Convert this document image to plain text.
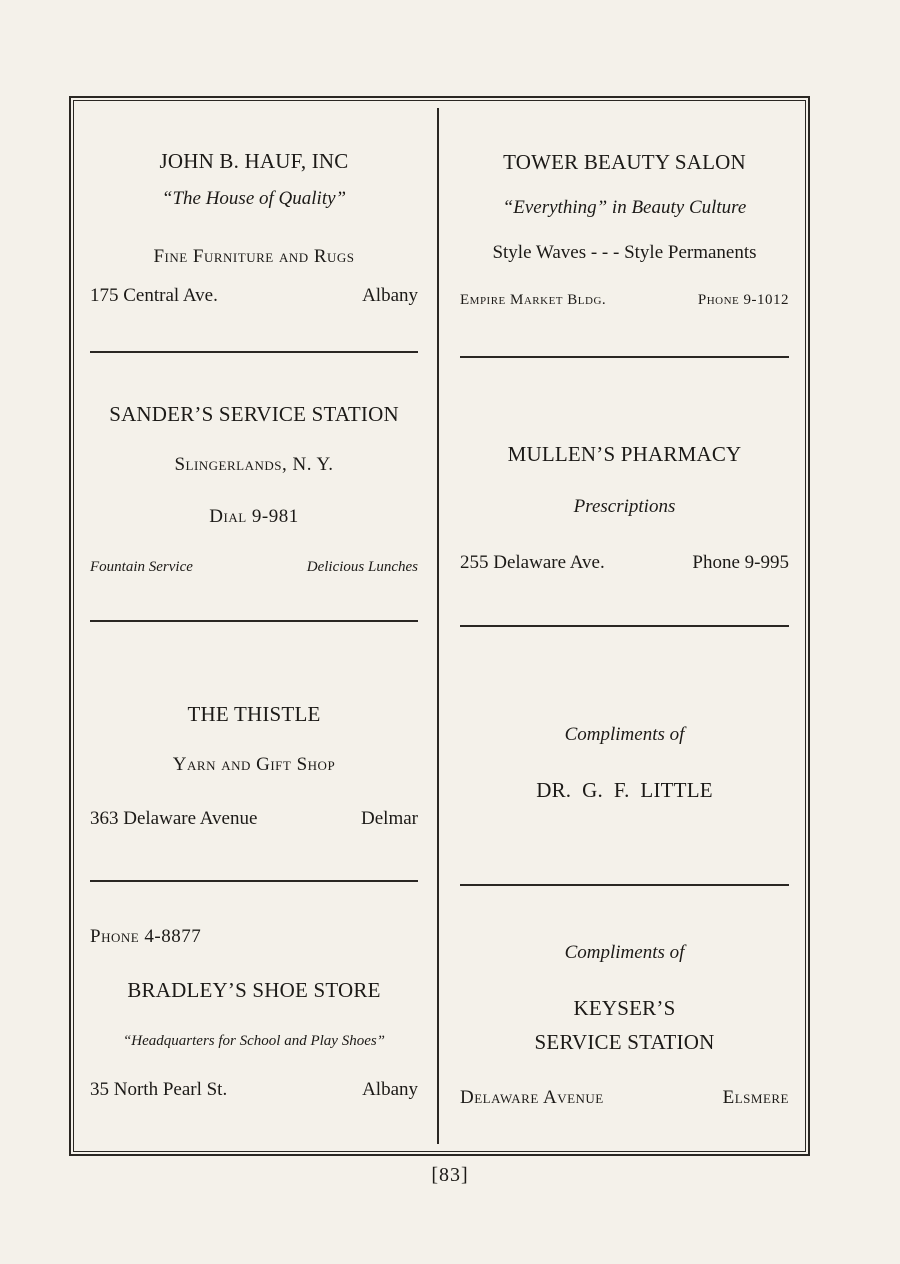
JOHN B. HAUF, INC
“The House of Quality”
Fine Furniture and Rugs
175 Central Ave.	Albany
SANDER’S SERVICE STATION
Slingerlands, N. Y.
Dial 9-981
Fountain Service	Delicious Lunches
THE THISTLE
Yarn and Gift Shop
363 Delaware Avenue	Delmar
Phone 4-8877
BRADLEY’S SHOE STORE
“Headquarters for School and Play Shoes”
35 North Pearl St.	Albany
TOWER BEAUTY SALON
“Everything” in Beauty Culture
Style Waves - - - Style Permanents
Empire Market Bldg.	Phone 9-1012
MULLEN’S PHARMACY
Prescriptions
255 Delaware Ave.	Phone 9-995
Compliments of
DR.  G.  F.  LITTLE
Compliments of
KEYSER’S
SERVICE STATION
Delaware Avenue	Elsmere
[83]
